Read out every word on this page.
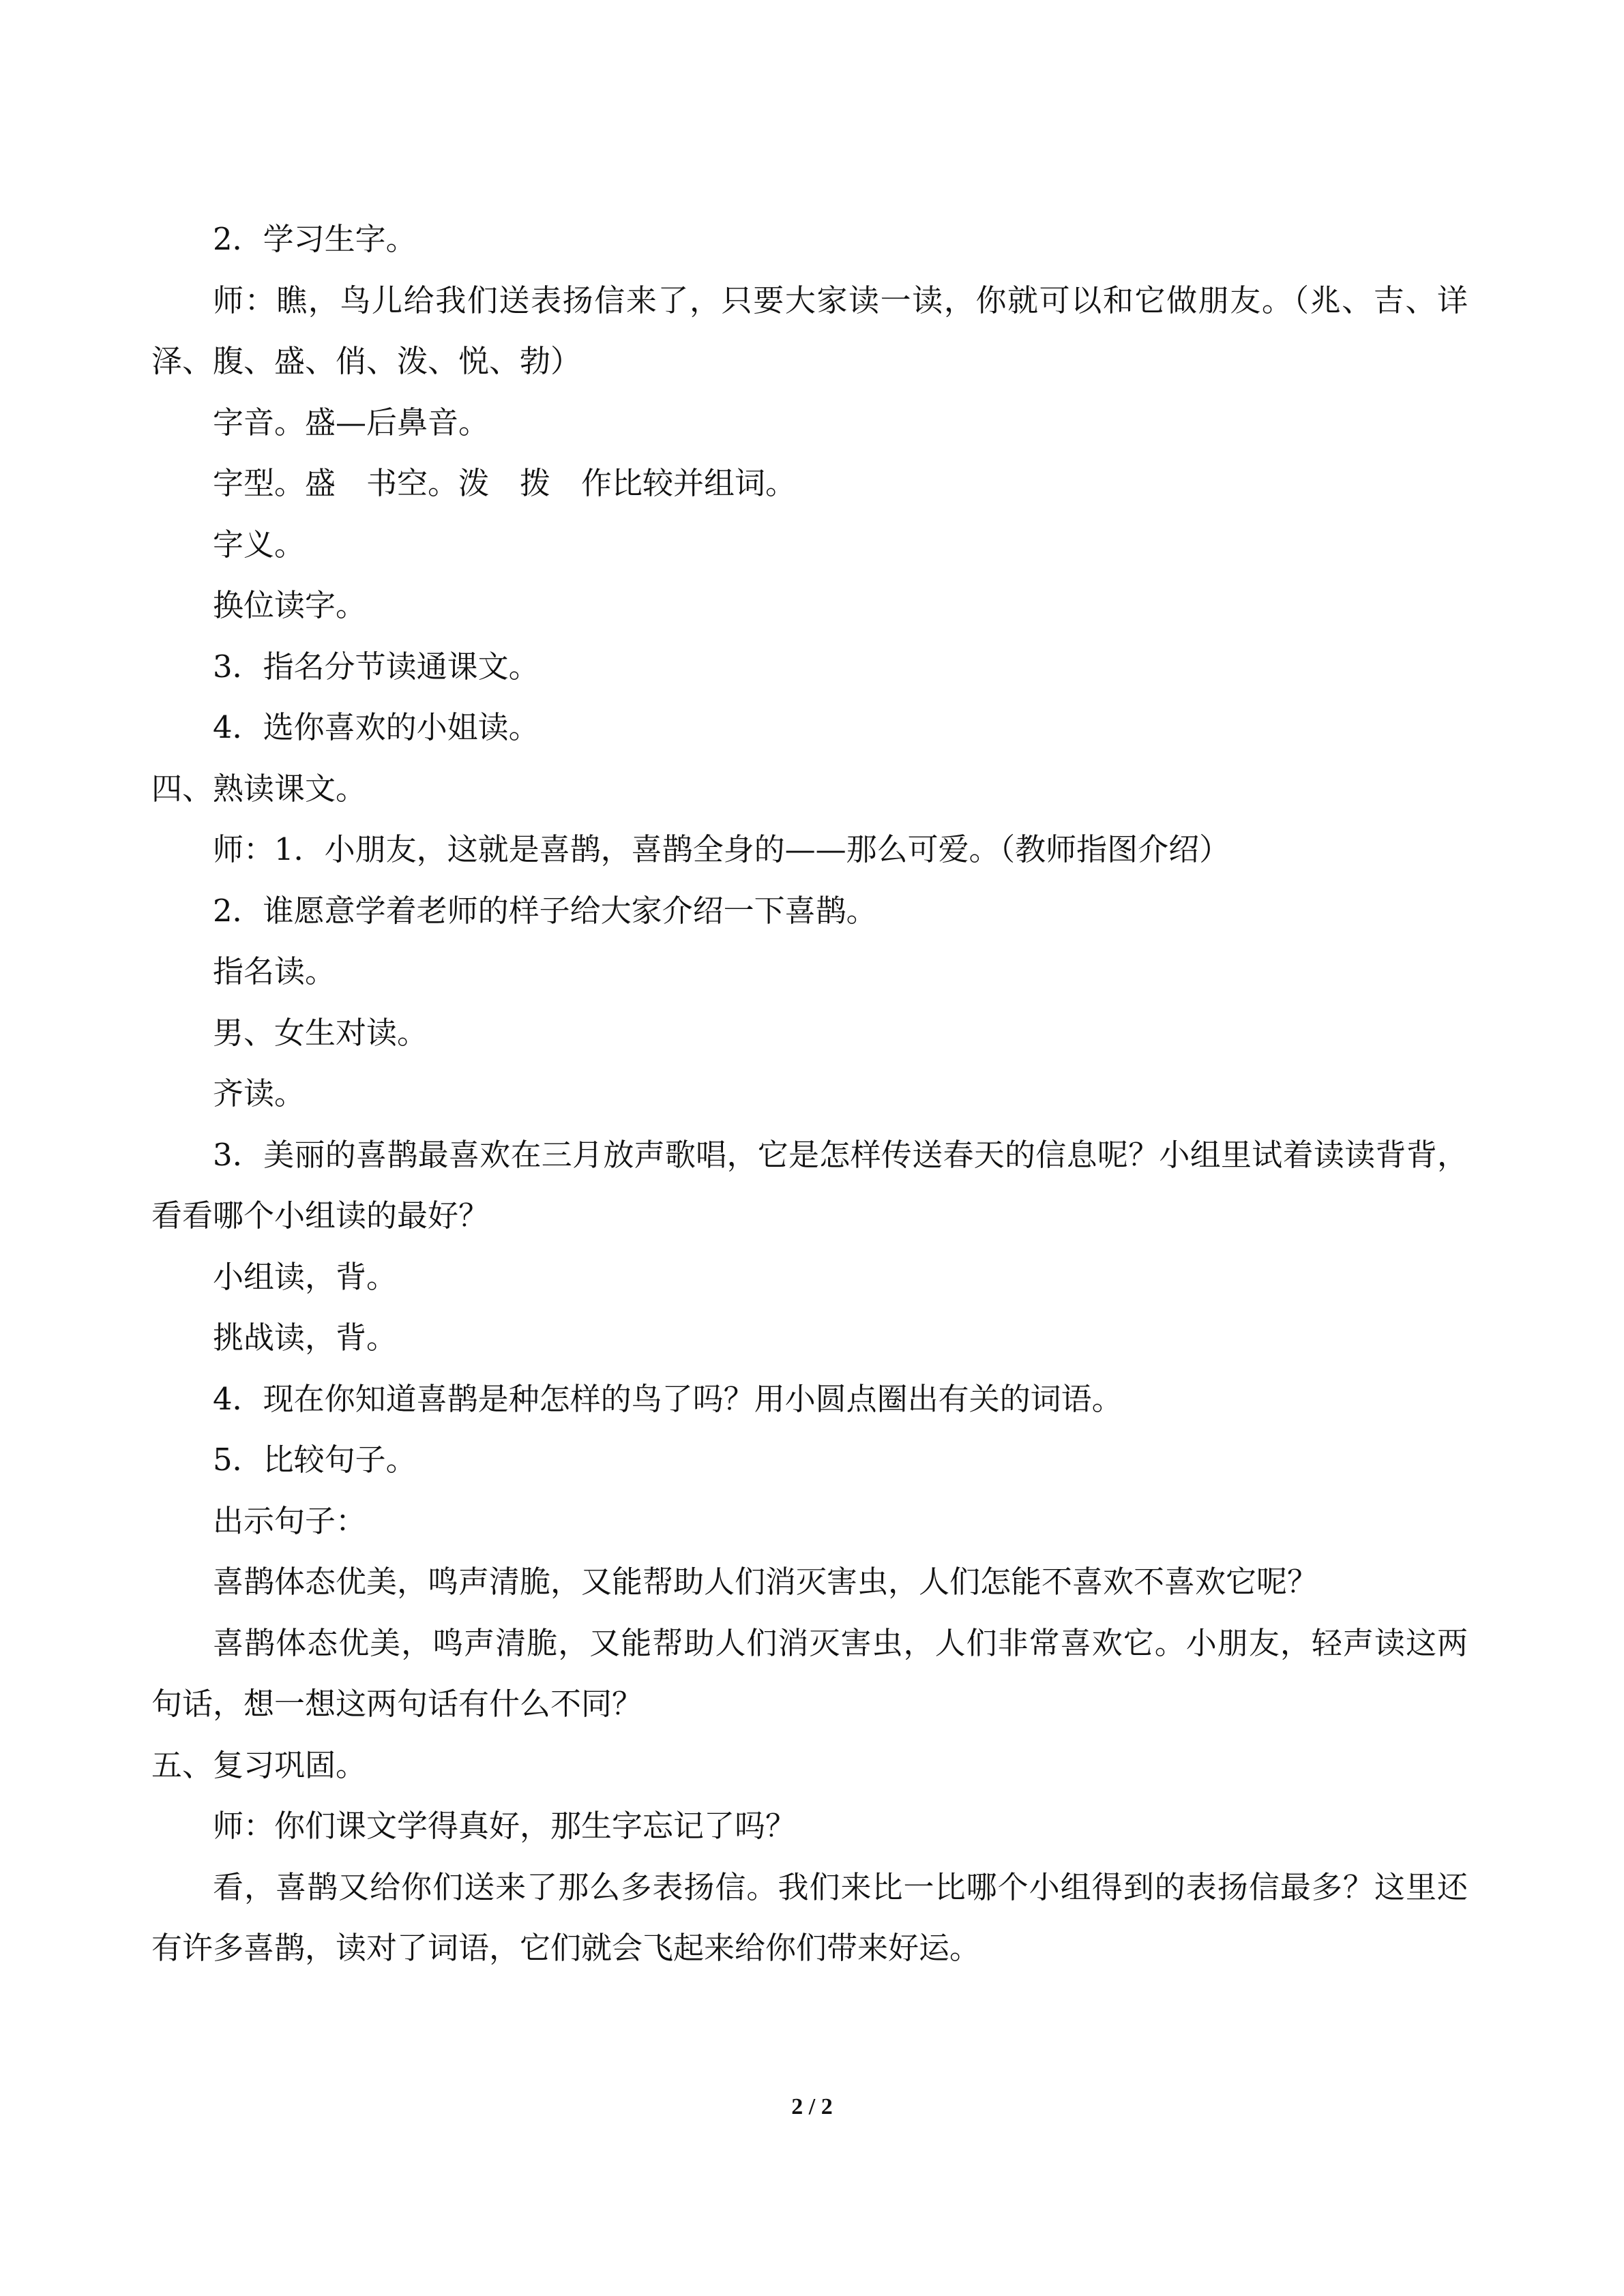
2．学习生字。

师：瞧，鸟儿给我们送表扬信来了，只要大家读一读，你就可以和它做朋友。（兆、吉、详泽、腹、盛、俏、泼、悦、勃）

字音。盛—后鼻音。

字型。盛　书空。泼　拨　作比较并组词。

字义。

换位读字。

3．指名分节读通课文。

4．选你喜欢的小姐读。

四、熟读课文。

师：1．小朋友，这就是喜鹊，喜鹊全身的——那么可爱。（教师指图介绍）

2．谁愿意学着老师的样子给大家介绍一下喜鹊。

指名读。

男、女生对读。

齐读。

3．美丽的喜鹊最喜欢在三月放声歌唱，它是怎样传送春天的信息呢？小组里试着读读背背，看看哪个小组读的最好？

小组读，背。

挑战读，背。

4．现在你知道喜鹊是种怎样的鸟了吗？用小圆点圈出有关的词语。

5．比较句子。

出示句子：

喜鹊体态优美，鸣声清脆，又能帮助人们消灭害虫，人们怎能不喜欢不喜欢它呢？

喜鹊体态优美，鸣声清脆，又能帮助人们消灭害虫，人们非常喜欢它。小朋友，轻声读这两句话，想一想这两句话有什么不同？

五、复习巩固。

师：你们课文学得真好，那生字忘记了吗？

看，喜鹊又给你们送来了那么多表扬信。我们来比一比哪个小组得到的表扬信最多？这里还有许多喜鹊，读对了词语，它们就会飞起来给你们带来好运。

2 / 2
